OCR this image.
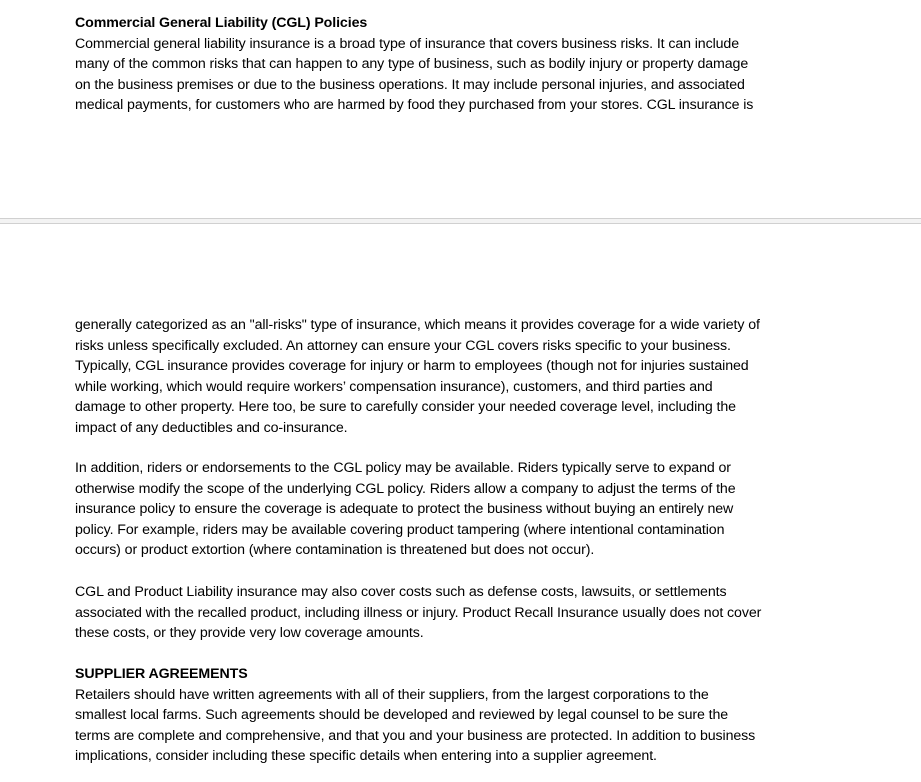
Commercial General Liability (CGL) Policies

Commercial general liability insurance is a broad type of insurance that covers business risks. It can include

many of the common risks that can happen to any type of business, such as bodily injury or property damage

on the business premises or due to the business operations. It may include personal injuries, and associated

medical payments, for customers who are harmed by food they purchased from your stores. CGL insurance is

generally categorized as an "all-risks" type of insurance, which means it provides coverage for a wide variety of

risks unless specifically excluded. An attorney can ensure your CGL covers risks specific to your business.

Typically, CGL insurance provides coverage for injury or harm to employees (though not for injuries sustained

while working, which would require workers’ compensation insurance), customers, and third parties and

damage to other property. Here too, be sure to carefully consider your needed coverage level, including the

impact of any deductibles and co-insurance.

In addition, riders or endorsements to the CGL policy may be available. Riders typically serve to expand or

otherwise modify the scope of the underlying CGL policy. Riders allow a company to adjust the terms of the

insurance policy to ensure the coverage is adequate to protect the business without buying an entirely new

policy. For example, riders may be available covering product tampering (where intentional contamination

occurs) or product extortion (where contamination is threatened but does not occur).

CGL and Product Liability insurance may also cover costs such as defense costs, lawsuits, or settlements

associated with the recalled product, including illness or injury. Product Recall Insurance usually does not cover

these costs, or they provide very low coverage amounts.

SUPPLIER AGREEMENTS

Retailers should have written agreements with all of their suppliers, from the largest corporations to the

smallest local farms. Such agreements should be developed and reviewed by legal counsel to be sure the

terms are complete and comprehensive, and that you and your business are protected. In addition to business

implications, consider including these specific details when entering into a supplier agreement.
